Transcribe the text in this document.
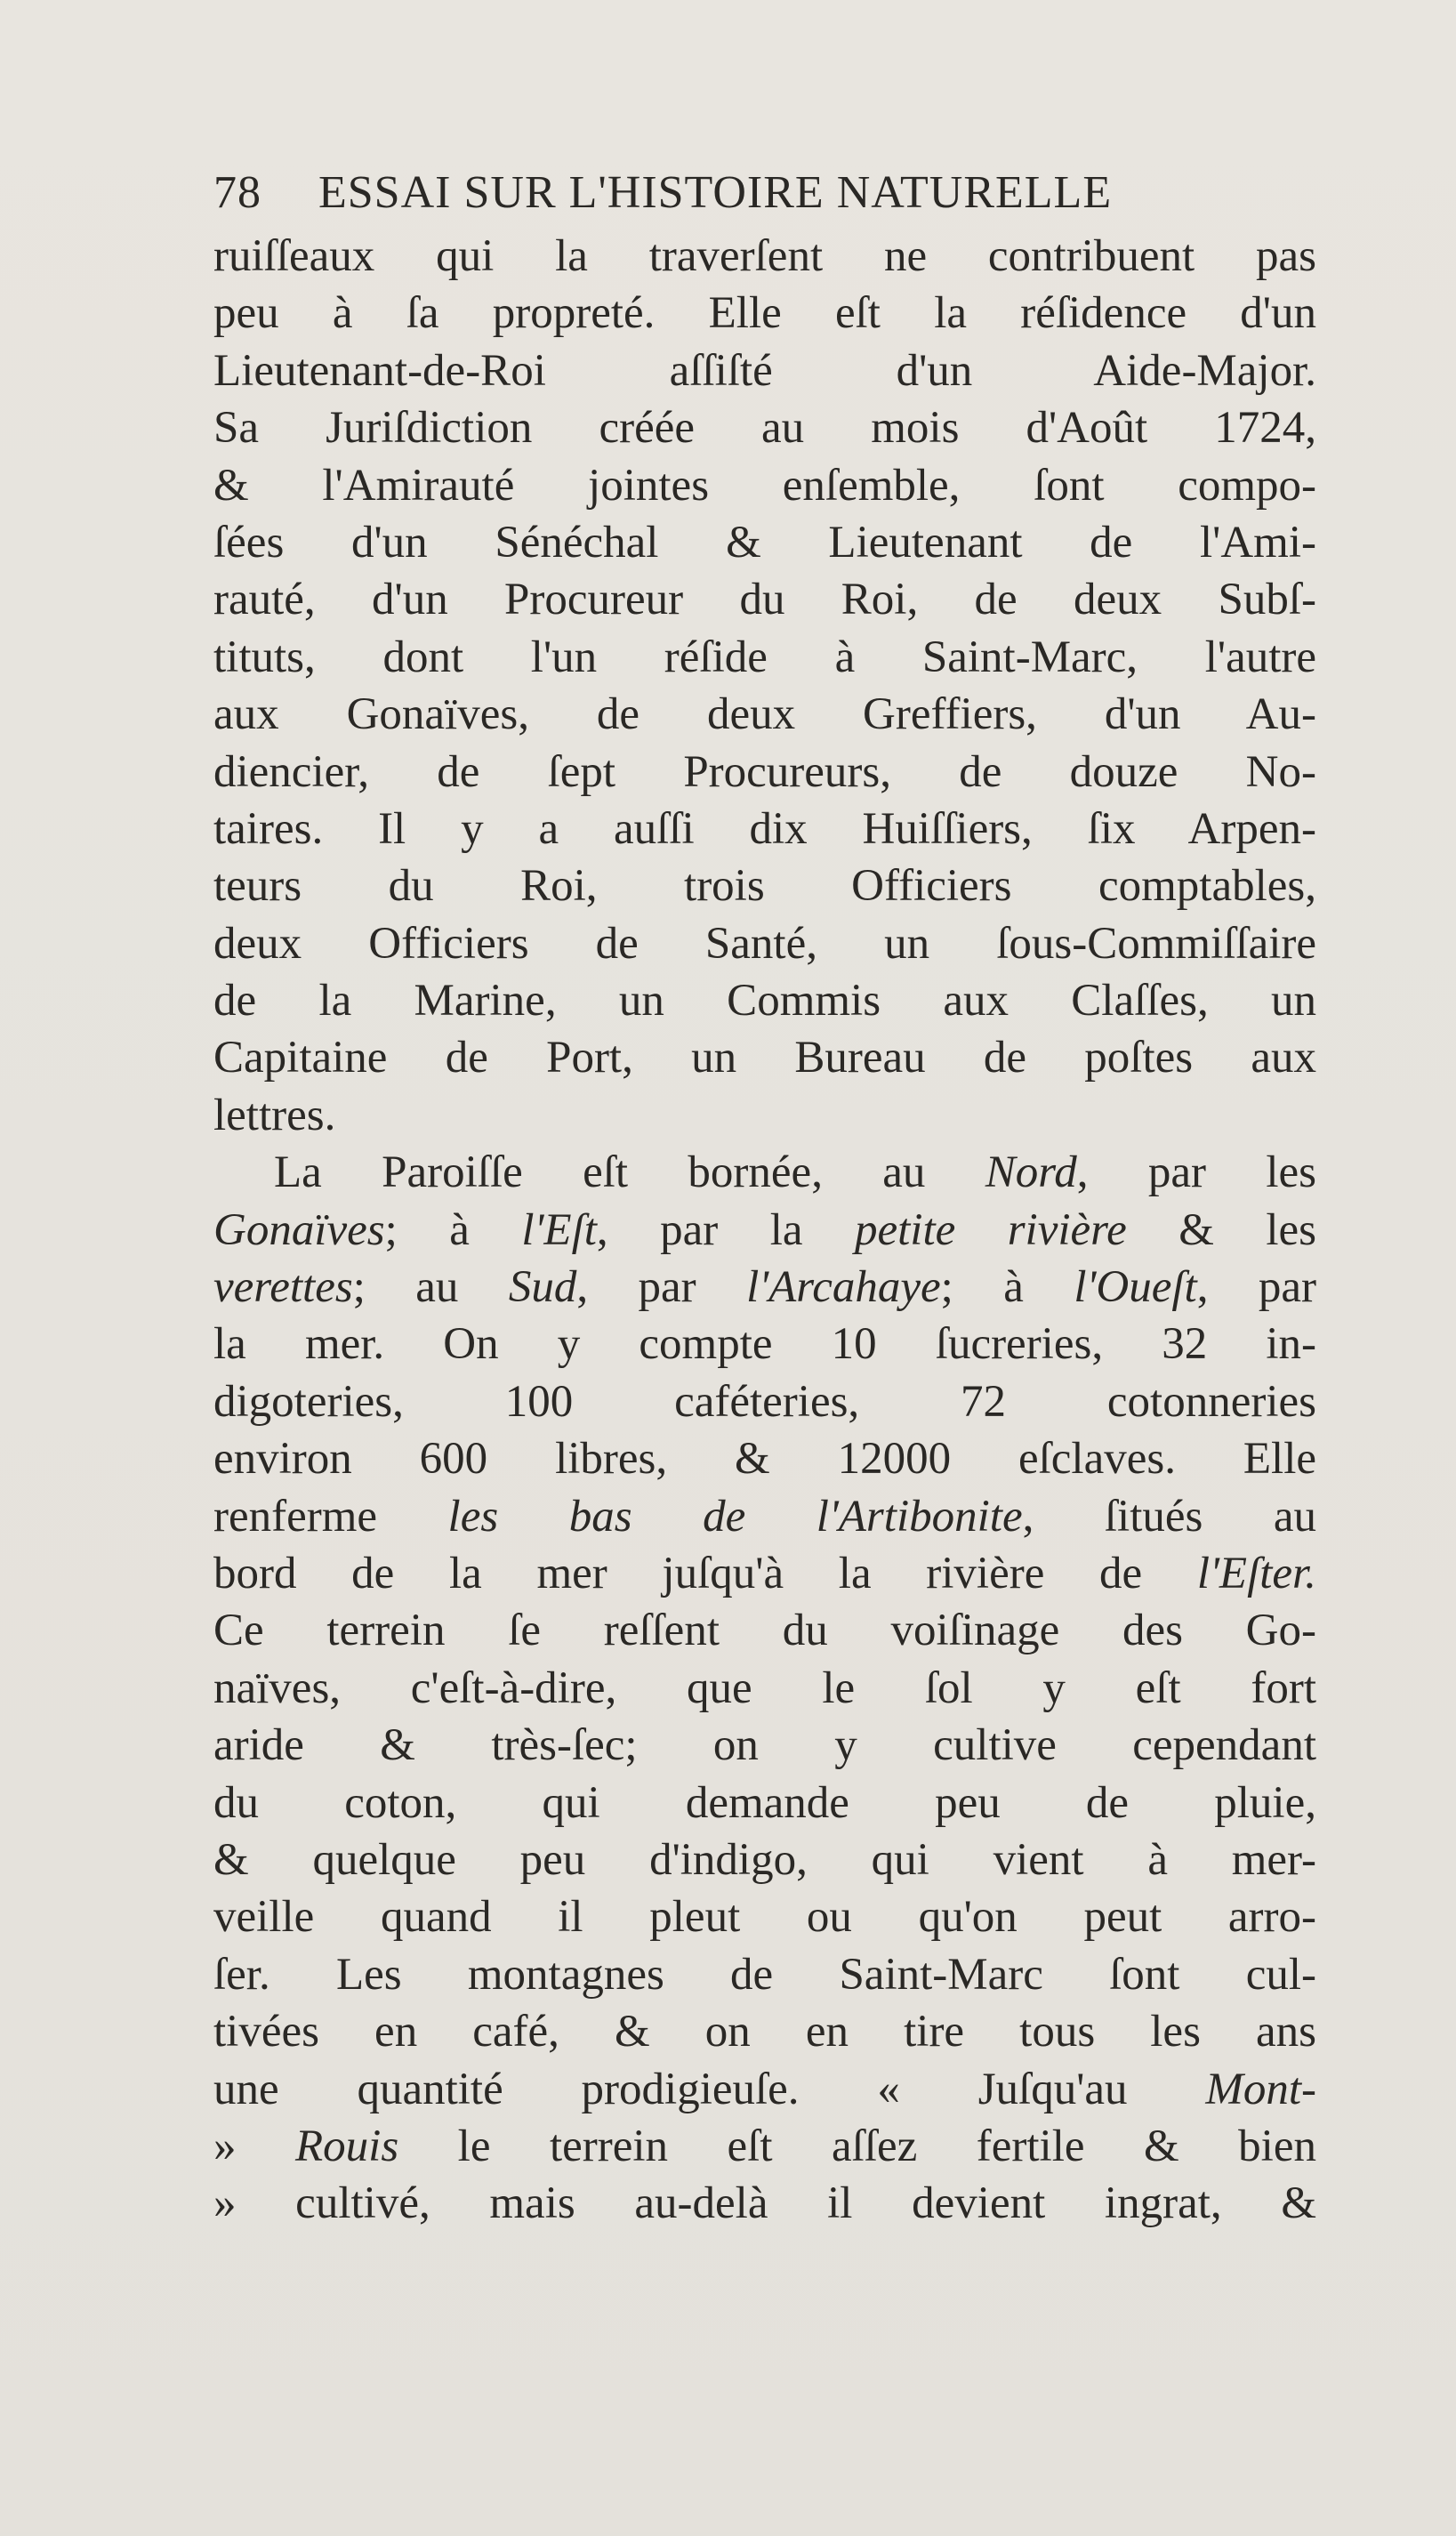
78 ESSAI SUR L'HISTOIRE NATURELLE
ruiſſeaux qui la traverſent ne contribuent pas
peu à ſa propreté. Elle eſt la réſidence d'un
Lieutenant-de-Roi aſſiſté d'un Aide-Major.
Sa Juriſdiction créée au mois d'Août 1724,
& l'Amirauté jointes enſemble, ſont compo-
ſées d'un Sénéchal & Lieutenant de l'Ami-
rauté, d'un Procureur du Roi, de deux Subſ-
tituts, dont l'un réſide à Saint-Marc, l'autre
aux Gonaïves, de deux Greffiers, d'un Au-
diencier, de ſept Procureurs, de douze No-
taires. Il y a auſſi dix Huiſſiers, ſix Arpen-
teurs du Roi, trois Officiers comptables,
deux Officiers de Santé, un ſous-Commiſſaire
de la Marine, un Commis aux Claſſes, un
Capitaine de Port, un Bureau de poſtes aux
lettres.
La Paroiſſe eſt bornée, au Nord, par les
Gonaïves; à l'Eſt, par la petite rivière & les
verettes; au Sud, par l'Arcahaye; à l'Oueſt, par
la mer. On y compte 10 ſucreries, 32 in-
digoteries, 100 caféteries, 72 cotonneries
environ 600 libres, & 12000 eſclaves. Elle
renferme les bas de l'Artibonite, ſitués au
bord de la mer juſqu'à la rivière de l'Eſter.
Ce terrein ſe reſſent du voiſinage des Go-
naïves, c'eſt-à-dire, que le ſol y eſt fort
aride & très-ſec; on y cultive cependant
du coton, qui demande peu de pluie,
& quelque peu d'indigo, qui vient à mer-
veille quand il pleut ou qu'on peut arro-
ſer. Les montagnes de Saint-Marc ſont cul-
tivées en café, & on en tire tous les ans
une quantité prodigieuſe. « Juſqu'au Mont-
» Rouis le terrein eſt aſſez fertile & bien
» cultivé, mais au-delà il devient ingrat, &
